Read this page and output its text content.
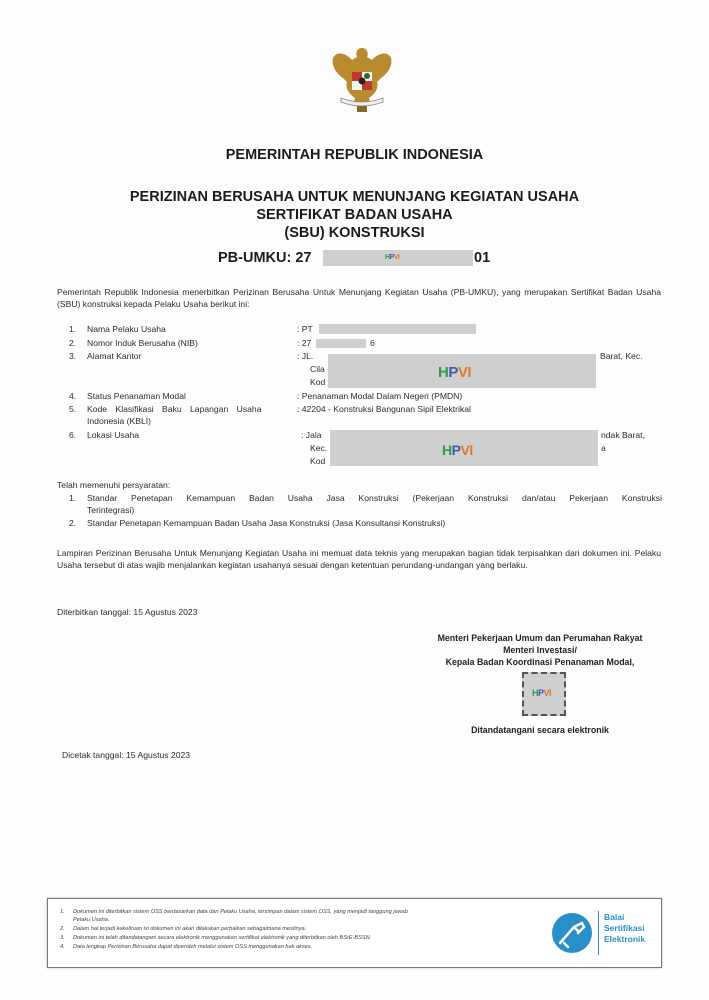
PEMERINTAH REPUBLIK INDONESIA
PERIZINAN BERUSAHA UNTUK MENUNJANG KEGIATAN USAHA
SERTIFIKAT BADAN USAHA
(SBU) KONSTRUKSI
PB-UMKU: 27	HPVI	01
Pemerintah Republik Indonesia menerbitkan Perizinan Berusaha Untuk Menunjang Kegiatan Usaha (PB-UMKU), yang merupakan Sertifikat Badan Usaha (SBU) konstruksi kepada Pelaku Usaha berikut ini:
1. Nama Pelaku Usaha	: PT
2. Nomor Induk Berusaha (NIB)	: 27	6
3. Alamat Kantor	: JL.	Barat, Kec.
Cila
Kod
HPVI
4. Status Penanaman Modal	: Penanaman Modal Dalam Negeri (PMDN)
5. Kode Klasifikasi Baku Lapangan Usaha
Indonesia (KBLI)
: 42204 - Konstruksi Bangunan Sipil Elektrikal
6. Lokasi Usaha	: Jala	ndak Barat,
Kec.	a
Kod
HPVI
Telah memenuhi persyaratan:
1. Standar Penetapan Kemampuan Badan Usaha Jasa Konstruksi (Pekerjaan Konstruksi dan/atau Pekerjaan Konstruksi
Terintegrasi)
2. Standar Penetapan Kemampuan Badan Usaha Jasa Konstruksi (Jasa Konsultansi Konstruksi)
Lampiran Perizinan Berusaha Untuk Menunjang Kegiatan Usaha ini memuat data teknis yang merupakan bagian tidak terpisahkan dari dokumen ini. Pelaku Usaha tersebut di atas wajib menjalankan kegiatan usahanya sesuai dengan ketentuan perundang-undangan yang berlaku.
Diterbitkan tanggal: 15 Agustus 2023
Menteri Pekerjaan Umum dan Perumahan Rakyat
Menteri Investasi/
Kepala Badan Koordinasi Penanaman Modal,
HPVI
Ditandatangani secara elektronik
Dicetak tanggal: 15 Agustus 2023
1. Dokumen ini diterbitkan sistem OSS berdasarkan data dari Pelaku Usaha, tersimpan dalam sistem OSS, yang menjadi tanggung jawab
Pelaku Usaha.
2. Dalam hal terjadi kekeliruan isi dokumen ini akan dilakukan perbaikan sebagaimana mestinya.
3. Dokumen ini telah ditandatangani secara elektronik menggunakan sertifikat elektronik yang diterbitkan oleh BSrE-BSSN.
4. Data lengkap Perizinan Berusaha dapat diperoleh melalui sistem OSS menggunakan hak akses.
Balai
Sertifikasi
Elektronik
